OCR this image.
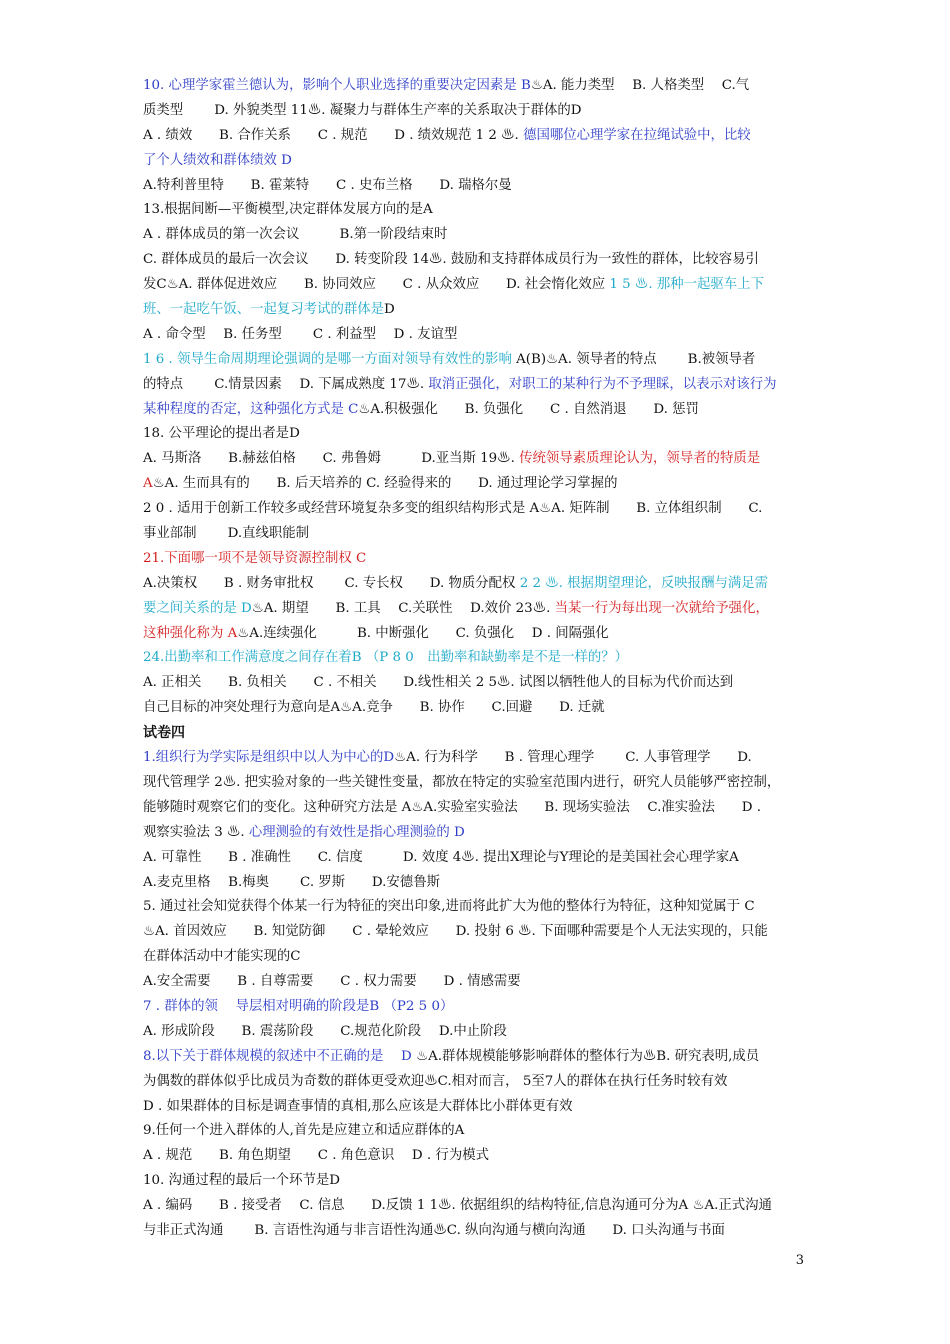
10. 心理学家霍兰德认为，影响个人职业选择的重要决定因素是 B♨A. 能力类型　 B. 人格类型　 C.气
质类型　　 D. 外貌类型 11♨. 凝聚力与群体生产率的关系取决于群体的D
A . 绩效　　B. 合作关系　　C . 规范　　D . 绩效规范 1 2 ♨. 德国哪位心理学家在拉绳试验中，比较
了个人绩效和群体绩效 D
A.特利普里特　　B. 霍莱特　　C . 史布兰格　　D. 瑞格尔曼
13.根据间断—平衡模型,决定群体发展方向的是A
A . 群体成员的第一次会议　　　B.第一阶段结束时
C. 群体成员的最后一次会议　　D. 转变阶段 14♨. 鼓励和支持群体成员行为一致性的群体，比较容易引
发C♨A. 群体促进效应　　B. 协同效应　　C . 从众效应　　D. 社会惰化效应 1 5 ♨. 那种一起驱车上下
班、一起吃午饭、一起复习考试的群体是D
A . 命令型　 B. 任务型　　 C . 利益型　 D . 友谊型
1 6 . 领导生命周期理论强调的是哪一方面对领导有效性的影响 A(B)♨A. 领导者的特点　　 B.被领导者
的特点　　 C.情景因素　 D. 下属成熟度 17♨. 取消正强化，对职工的某种行为不予理睬，以表示对该行为
某种程度的否定，这种强化方式是 C♨A.积极强化　　B. 负强化　　C . 自然消退　　D. 惩罚
18. 公平理论的提出者是D
A. 马斯洛　　B.赫兹伯格　　C. 弗鲁姆　　　D.亚当斯 19♨. 传统领导素质理论认为，领导者的特质是
A♨A. 生而具有的　　B. 后天培养的 C. 经验得来的　　D. 通过理论学习掌握的
2 0 . 适用于创新工作较多或经营环境复杂多变的组织结构形式是 A♨A. 矩阵制　　B. 立体组织制　　C.
事业部制　　 D.直线职能制
21.下面哪一项不是领导资源控制权 C
A.决策权　　B . 财务审批权　　 C. 专长权　　D. 物质分配权 2 2 ♨. 根据期望理论，反映报酬与满足需
要之间关系的是 D♨A. 期望　　B. 工具　 C.关联性　 D.效价 23♨. 当某一行为每出现一次就给予强化，
这种强化称为 A♨A.连续强化　　　B. 中断强化　　C. 负强化　 D . 间隔强化
24.出勤率和工作满意度之间存在着B （P 8 0　出勤率和缺勤率是不是一样的？）
A. 正相关　　B. 负相关　　C . 不相关　　D.线性相关 2 5♨. 试图以牺牲他人的目标为代价而达到
自己目标的冲突处理行为意向是A♨A.竞争　　B. 协作　　C.回避　　D. 迁就
试卷四
1.组织行为学实际是组织中以人为中心的D♨A. 行为科学　　B . 管理心理学　　 C. 人事管理学　　D.
现代管理学 2♨. 把实验对象的一些关键性变量，都放在特定的实验室范围内进行，研究人员能够严密控制，
能够随时观察它们的变化。这种研究方法是 A♨A.实验室实验法　　B. 现场实验法　 C.准实验法　　D .
观察实验法 3 ♨. 心理测验的有效性是指心理测验的 D
A. 可靠性　　B . 准确性　　C. 信度　　　D. 效度 4♨. 提出X理论与Y理论的是美国社会心理学家A
A.麦克里格　 B.梅奥　　 C. 罗斯　　D.安德鲁斯
5. 通过社会知觉获得个体某一行为特征的突出印象,进而将此扩大为他的整体行为特征，这种知觉属于 C
♨A. 首因效应　　B. 知觉防御　　C . 晕轮效应　　D. 投射 6 ♨. 下面哪种需要是个人无法实现的，只能
在群体活动中才能实现的C
A.安全需要　　B . 自尊需要　　C . 权力需要　　D . 情感需要
7 . 群体的领　 导层相对明确的阶段是B （P2 5 0）
A. 形成阶段　　B. 震荡阶段　　C.规范化阶段　 D.中止阶段
8.以下关于群体规模的叙述中不正确的是　 D ♨A.群体规模能够影响群体的整体行为♨B. 研究表明,成员
为偶数的群体似乎比成员为奇数的群体更受欢迎♨C.相对而言， 5至7人的群体在执行任务时较有效
D . 如果群体的目标是调查事情的真相,那么应该是大群体比小群体更有效
9.任何一个进入群体的人,首先是应建立和适应群体的A
A . 规范　　B. 角色期望　　C . 角色意识　 D . 行为模式
10. 沟通过程的最后一个环节是D
A . 编码　　B . 接受者　 C. 信息　　D.反馈 1 1♨. 依据组织的结构特征,信息沟通可分为A ♨A.正式沟通
与非正式沟通　　 B. 言语性沟通与非言语性沟通♨C. 纵向沟通与横向沟通　　D. 口头沟通与书面
3
